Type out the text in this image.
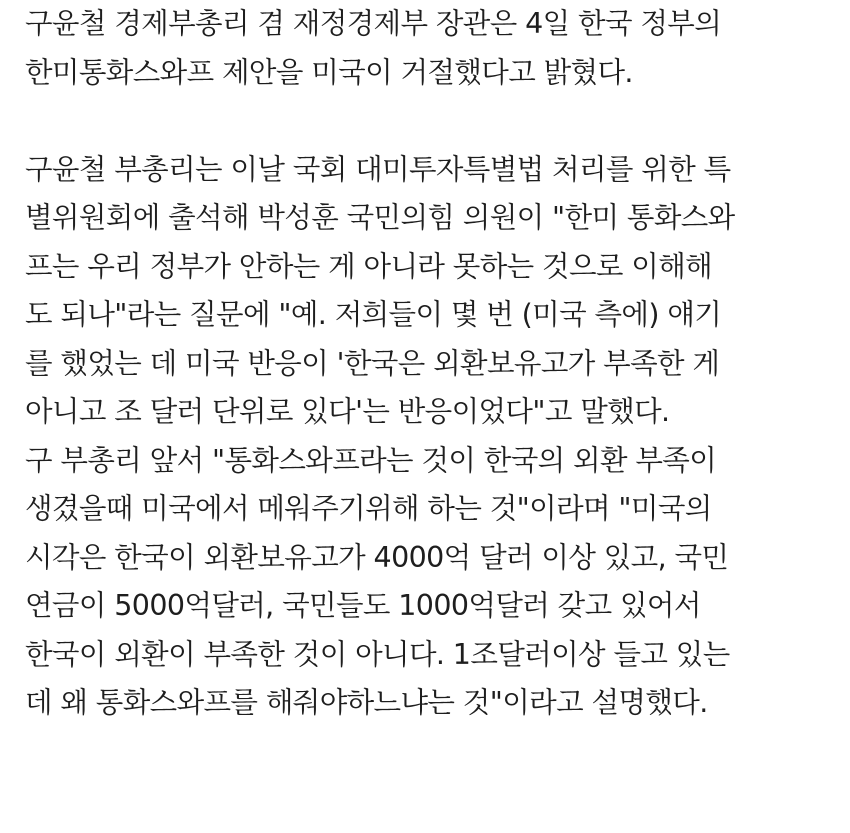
구윤철 경제부총리 겸 재정경제부 장관은 4일 한국 정부의
한미통화스와프 제안을 미국이 거절했다고 밝혔다.
구윤철 부총리는 이날 국회 대미투자특별법 처리를 위한 특
별위원회에 출석해 박성훈 국민의힘 의원이 "한미 통화스와
프는 우리 정부가 안하는 게 아니라 못하는 것으로 이해해
도 되나"라는 질문에 "예. 저희들이 몇 번 (미국 측에) 얘기
를 했었는 데 미국 반응이 '한국은 외환보유고가 부족한 게
아니고 조 달러 단위로 있다'는 반응이었다"고 말했다.
구 부총리 앞서 "통화스와프라는 것이 한국의 외환 부족이
생겼을때 미국에서 메워주기위해 하는 것"이라며 "미국의
시각은 한국이 외환보유고가 4000억 달러 이상 있고, 국민
연금이 5000억달러, 국민들도 1000억달러 갖고 있어서
한국이 외환이 부족한 것이 아니다. 1조달러이상 들고 있는
데 왜 통화스와프를 해줘야하느냐는 것"이라고 설명했다.
